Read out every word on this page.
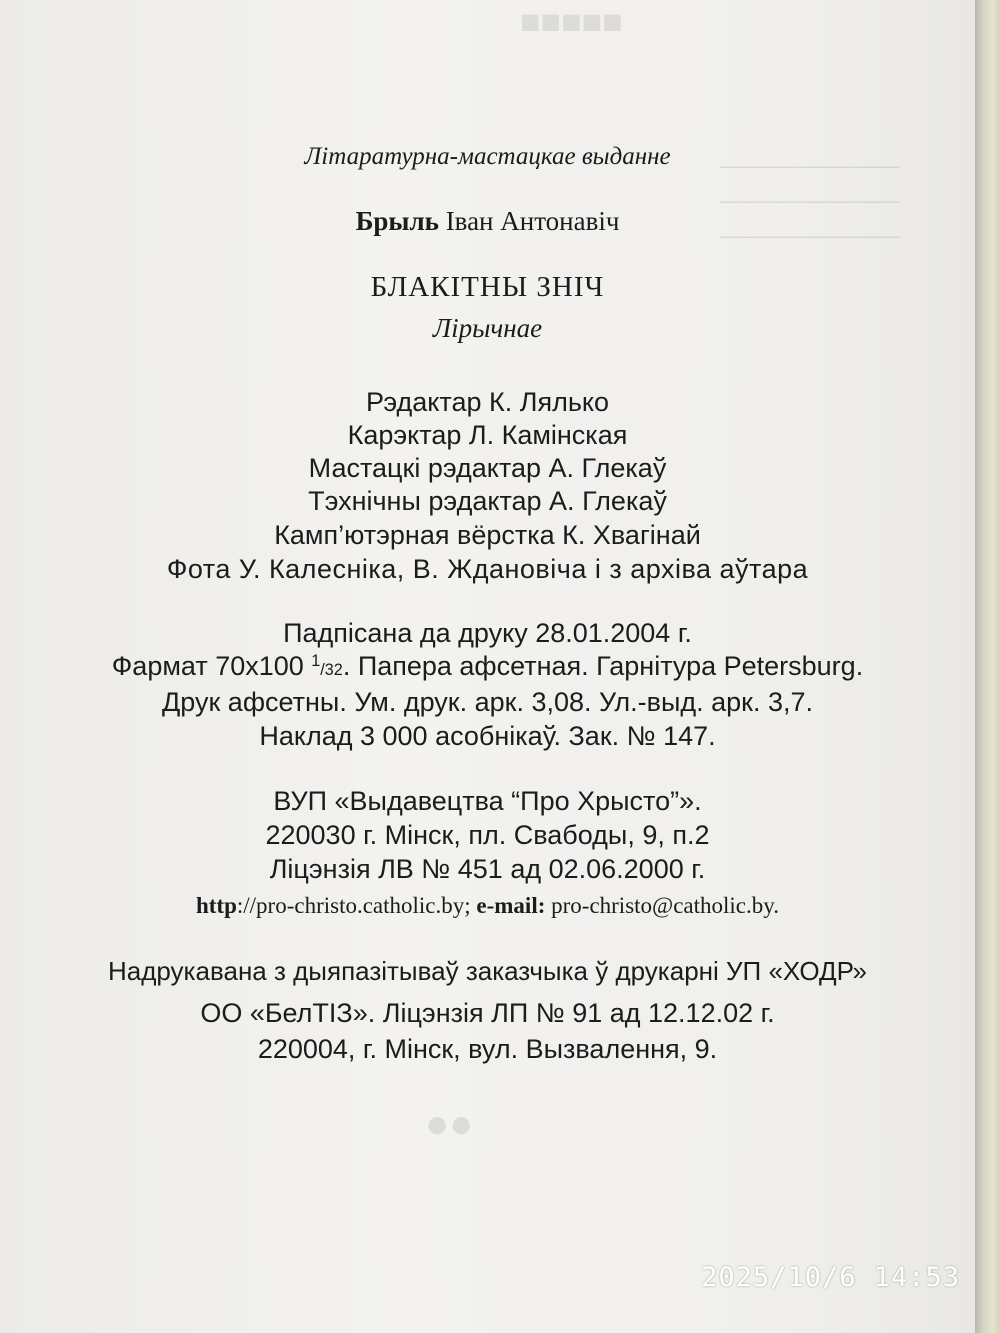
■■■■■
——————
——————
——————
●●
Літаратурна-мастацкае выданне
Брыль Іван Антонавіч
БЛАКІТНЫ ЗНІЧ
Лірычнае
Рэдактар К. Лялько
Карэктар Л. Камінская
Мастацкі рэдактар А. Глекаў
Тэхнічны рэдактар А. Глекаў
Камп’ютэрная вёрстка К. Хвагінай
Фота У. Калесніка, В. Ждановіча і з архіва аўтара
Падпісана да друку 28.01.2004 г.
Фармат 70х100 $^1$/32. Папера афсетная. Гарнітура Petersburg.
Друк афсетны. Ум. друк. арк. 3,08. Ул.-выд. арк. 3,7.
Наклад 3 000 асобнікаў. Зак. № 147.
ВУП «Выдавецтва “Про Хрысто”».
220030 г. Мінск, пл. Свабоды, 9, п.2
Ліцэнзія ЛВ № 451 ад 02.06.2000 г.
http://pro-christo.catholic.by; e-mail: pro-christo@catholic.by.
Надрукавана з дыяпазітываў заказчыка ў друкарні УП «ХОДР»
ОО «БелТІЗ». Ліцэнзія ЛП № 91 ад 12.12.02 г.
220004, г. Мінск, вул. Вызвалення, 9.
2025/10/6 14:53
